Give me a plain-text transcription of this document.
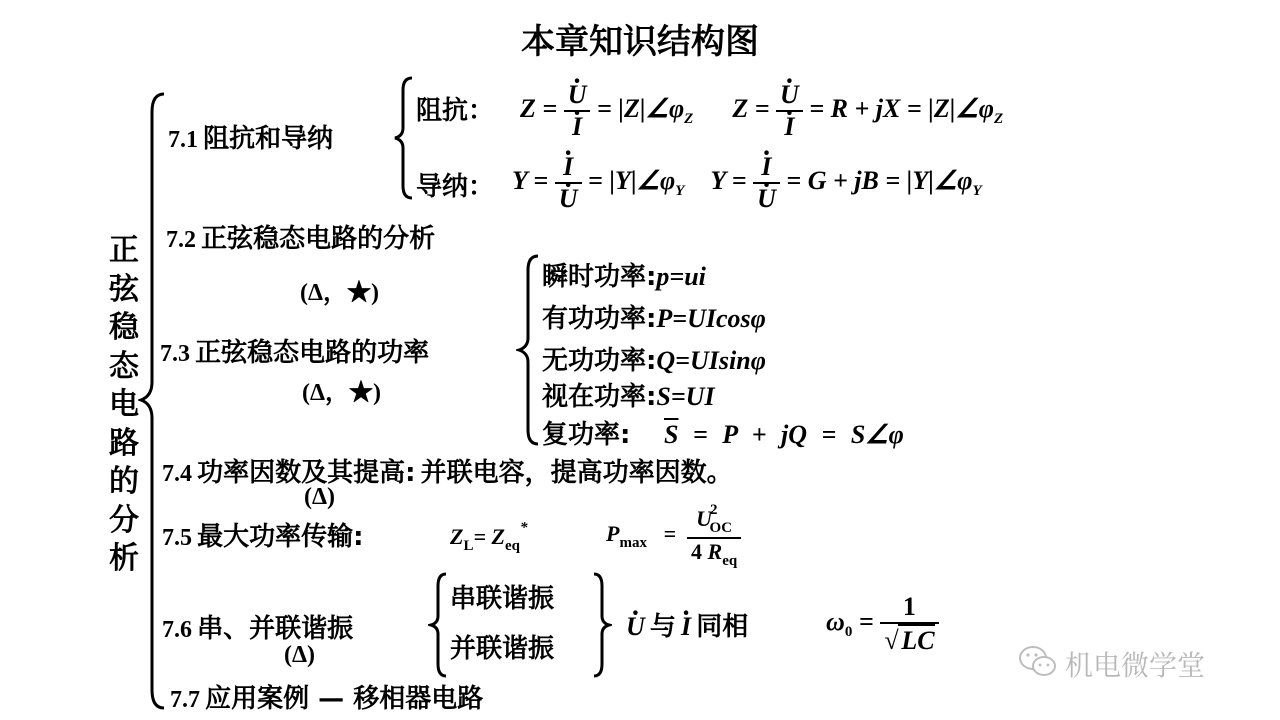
本章知识结构图
正弦稳态电路的分析
7.1 阻抗和导纳
阻抗： Z = · U
· $I = |Z|\angle\varphi_Z$      Z = · U
· I = R + jX = $|Z|\angle\varphi_Z$
导纳： Y = · I
· $U = |Y|\angle\varphi_Y$    Y = · I
· U = G + jB = $|Y|\angle\varphi_Y$
7.2 正弦稳态电路的分析
(Δ，★)
7.3 正弦稳态电路的功率
(Δ，★)
瞬时功率:p=ui
有功功率:P=UIcosφ
无功功率:Q=UIsinφ
视在功率:S=UI
复功率: $\overline{S} = P$ + jQ = S∠φ
7.4 功率因数及其提高: 并联电容，提高功率因数。
(Δ)
7.5 最大功率传输:	$Z_L= Z_{eq}^*$	$P_{max} = \frac{U^2_{OC}}{4 R_{eq}}$
7.6 串、并联谐振
(Δ)
串联谐振
并联谐振
· U 与 · I 同相	$\omega_0 = \frac{1}{√ LC}$
7.7 应用案例 — 移相器电路
机电微学堂
